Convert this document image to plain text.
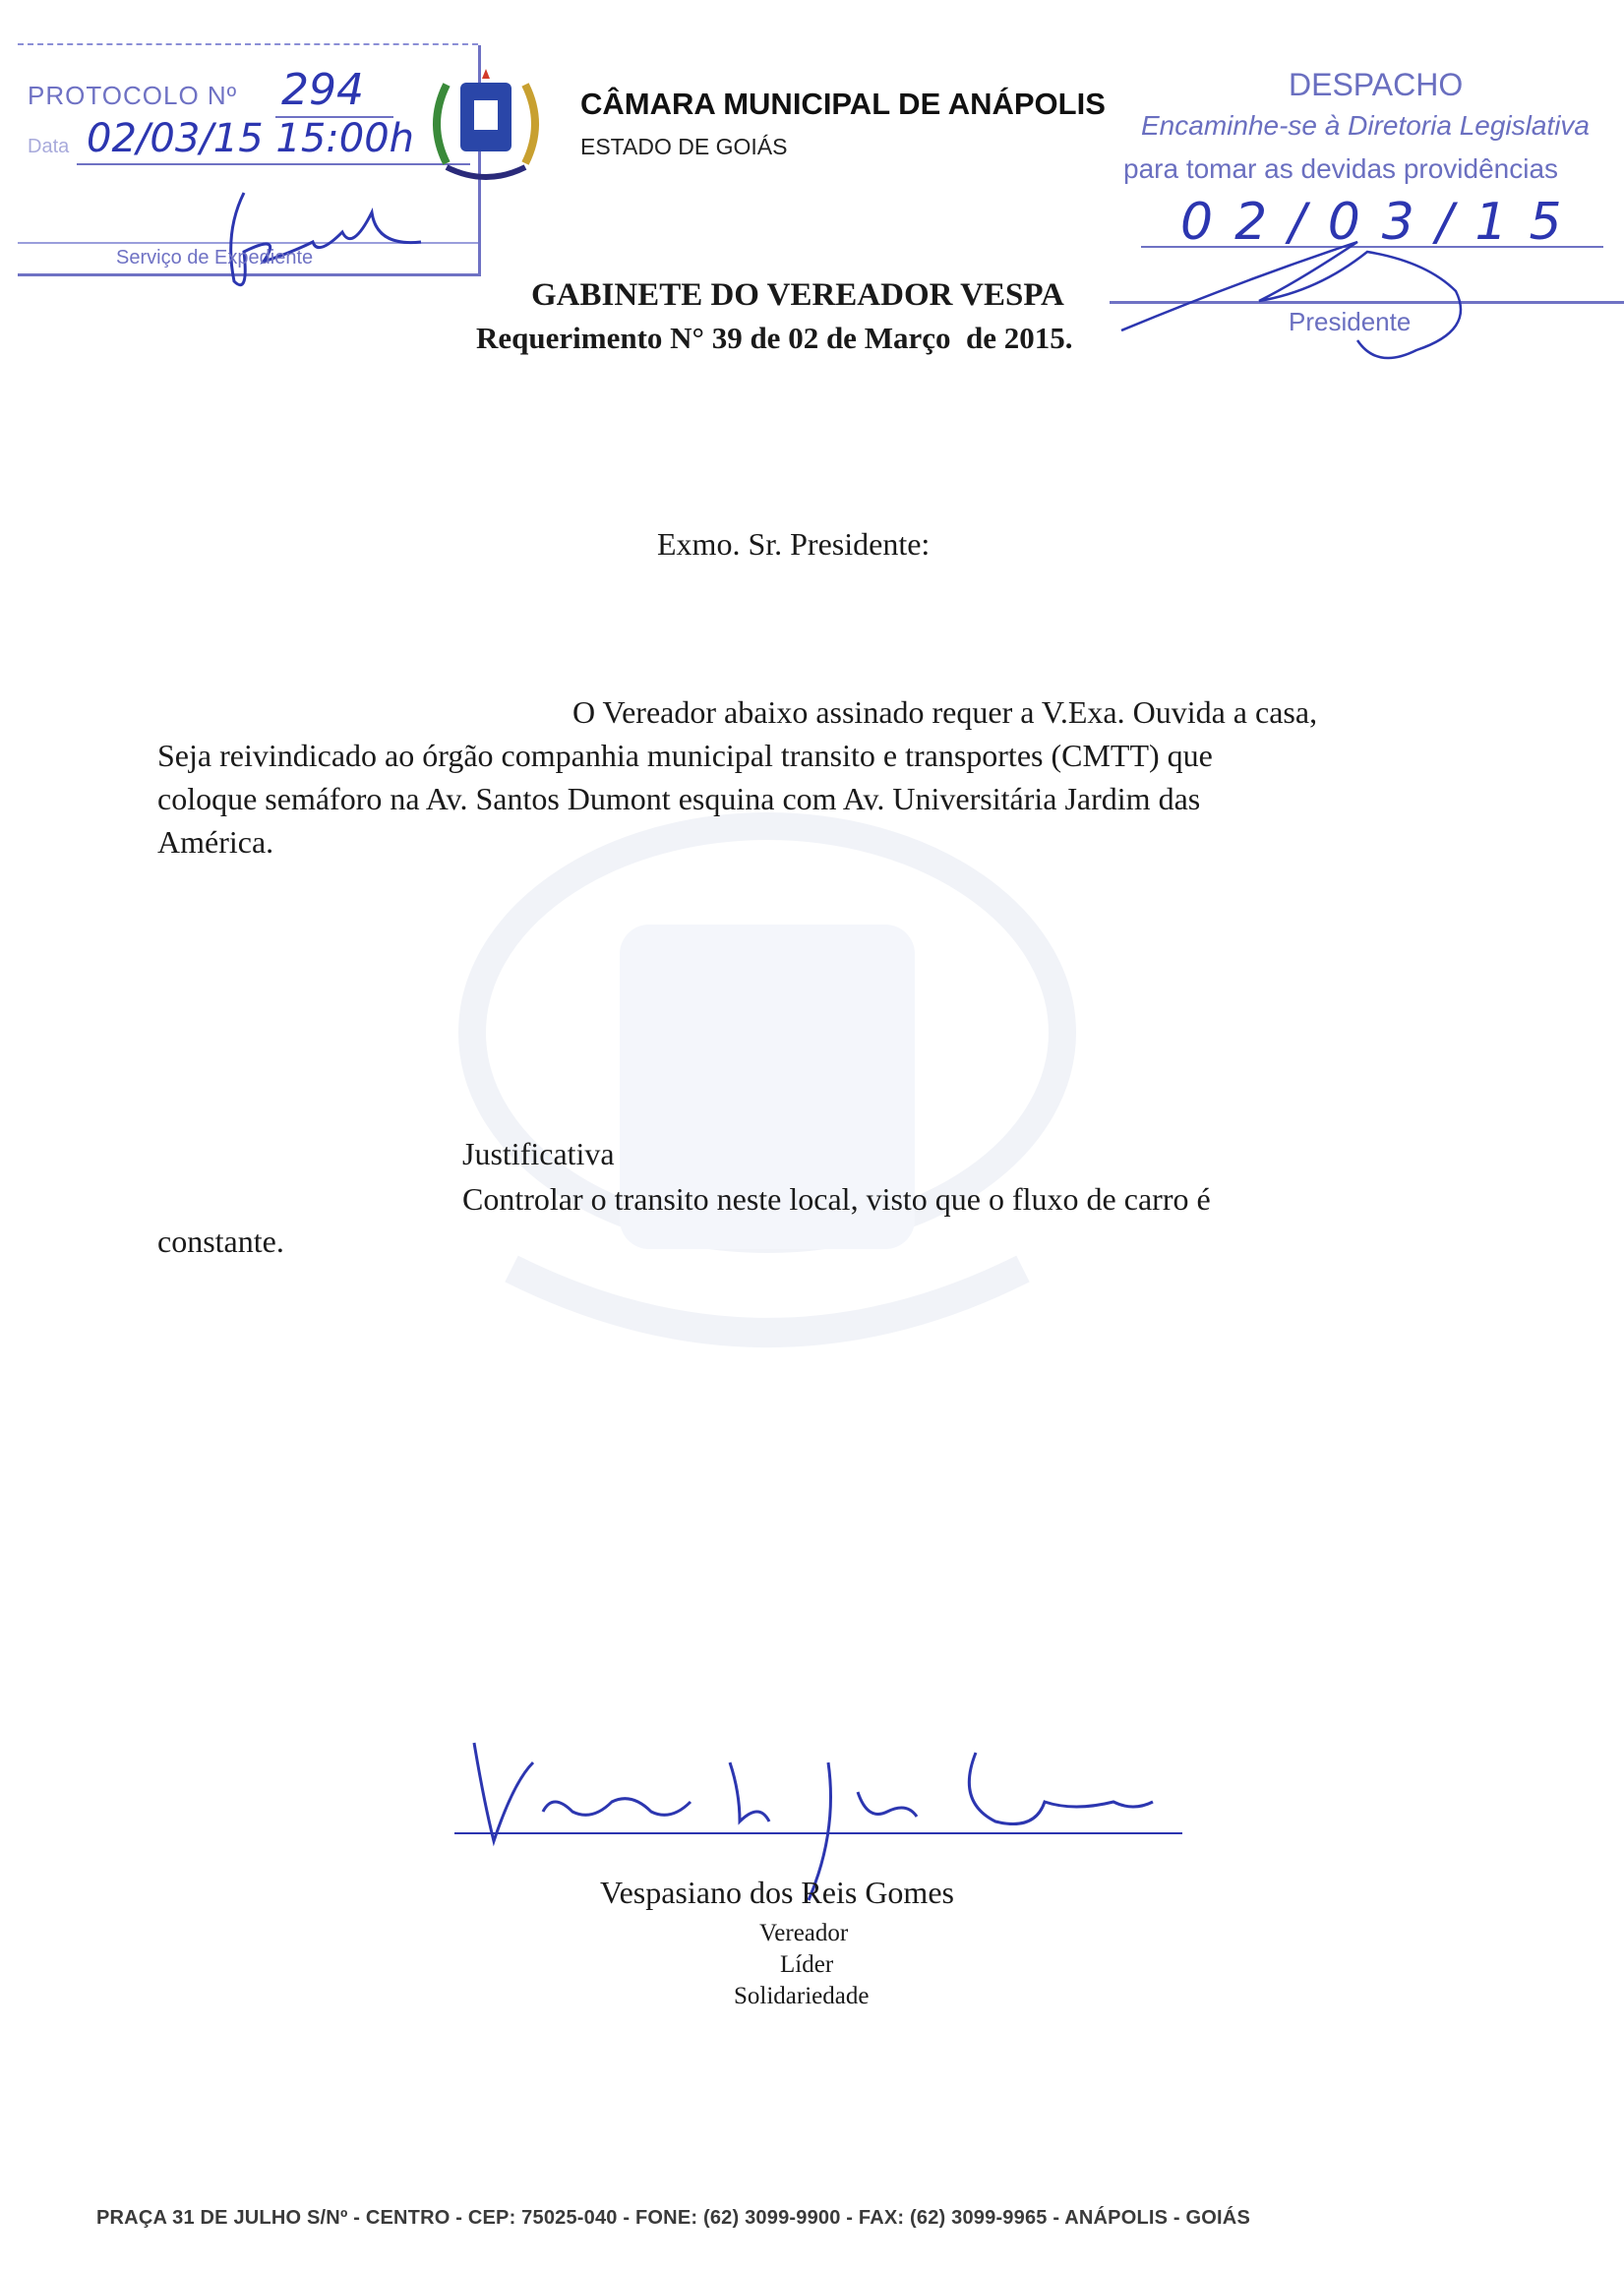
PROTOCOLO Nº 294
Data 02/03/15 15:00h
Serviço de Expediente
CÂMARA MUNICIPAL DE ANÁPOLIS
ESTADO DE GOIÁS
DESPACHO
Encaminhe-se à Diretoria Legislativa
para tomar as devidas providências
02/03/15
Presidente
GABINETE DO VEREADOR VESPA
Requerimento N° 39 de 02 de Março  de 2015.
Exmo. Sr. Presidente:
O Vereador abaixo assinado requer a V.Exa. Ouvida a casa,
Seja reivindicado ao órgão companhia municipal transito e transportes (CMTT) que
coloque semáforo na Av. Santos Dumont esquina com Av. Universitária Jardim das
América.
Justificativa
Controlar o transito neste local, visto que o fluxo de carro é
constante.
Vespasiano dos Reis Gomes
Vereador
Líder
Solidariedade
PRAÇA 31 DE JULHO S/Nº - CENTRO - CEP: 75025-040 - FONE: (62) 3099-9900 - FAX: (62) 3099-9965 - ANÁPOLIS - GOIÁS
